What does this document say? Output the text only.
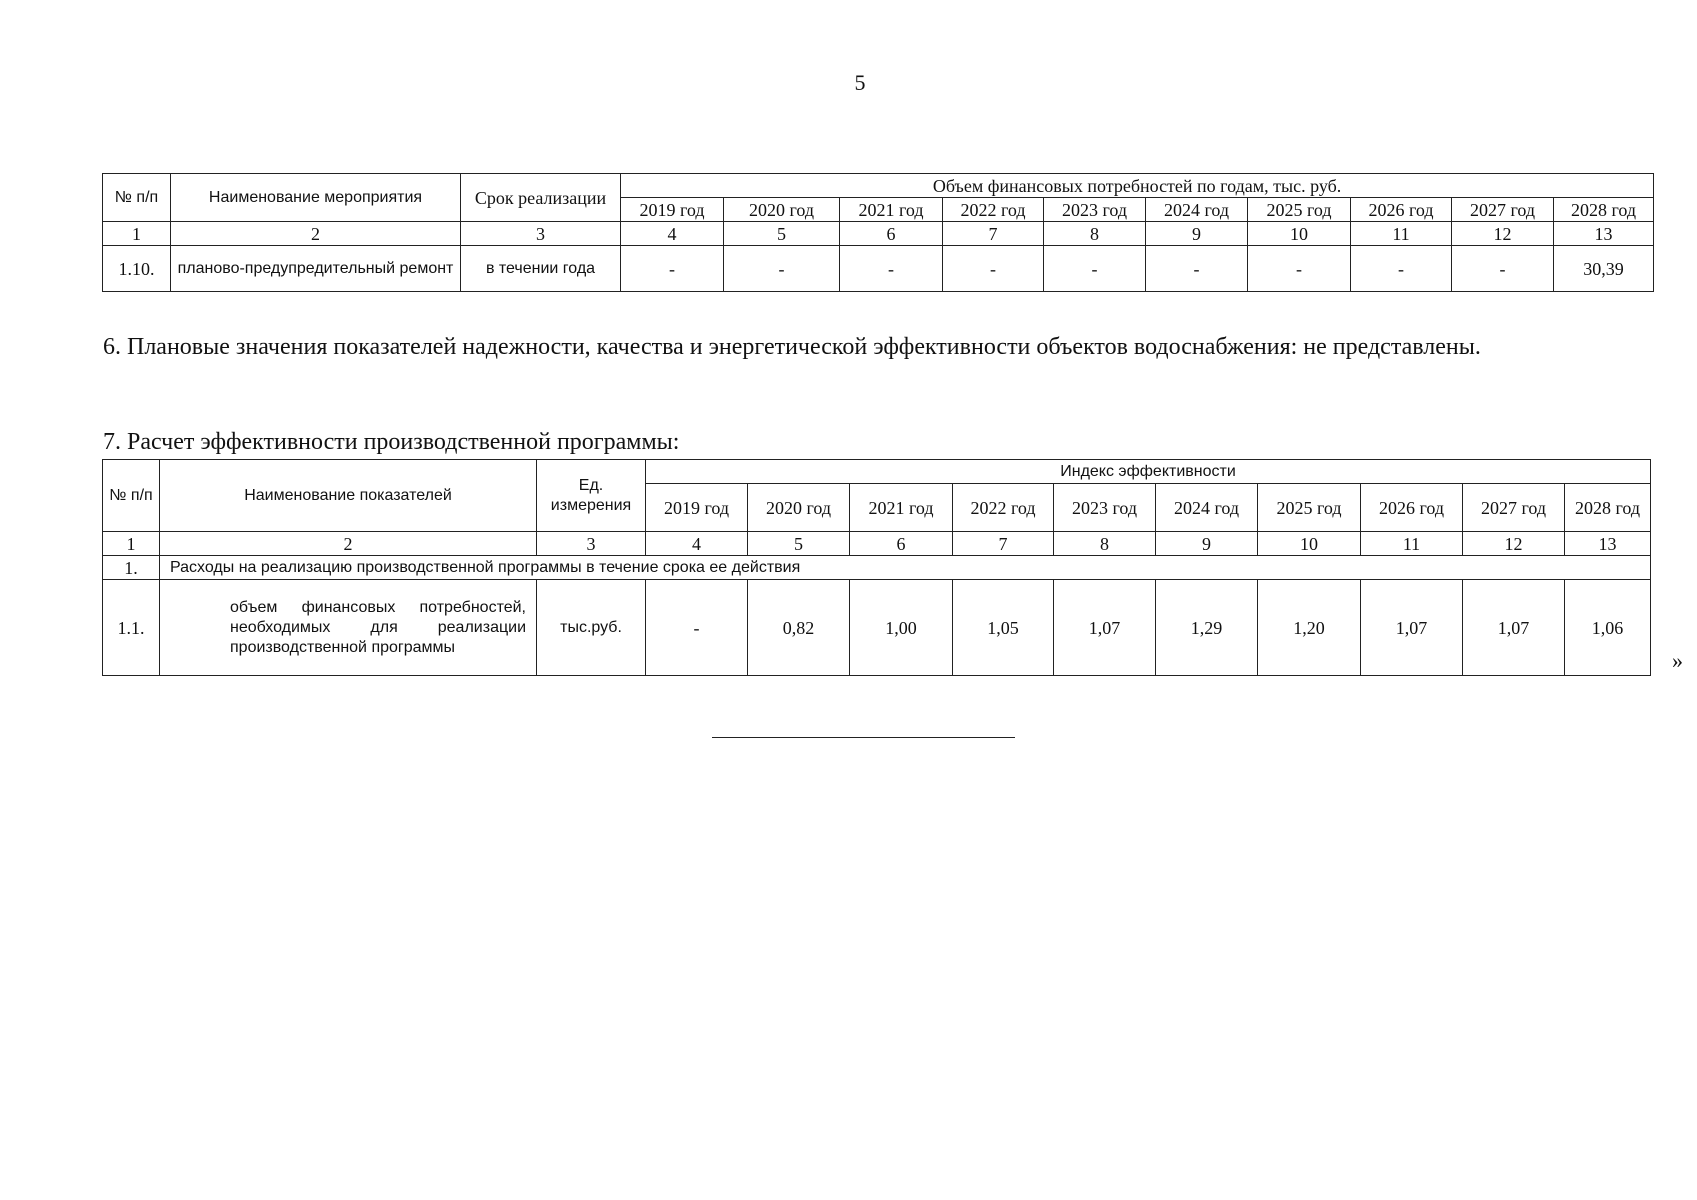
5
№ п/п	Наименование мероприятия	Срок реализации	Объем финансовых потребностей по годам, тыс. руб.									
			2019 год	2020 год	2021 год	2022 год	2023 год	2024 год	2025 год	2026 год	2027 год	2028 год
1	2	3	4	5	6	7	8	9	10	11	12	13
1.10.	планово-предупредительный ремонт	в течении года	-	-	-	-	-	-	-	-	-	30,39
6. Плановые значения показателей надежности, качества и энергетической эффективности объектов водоснабжения: не представлены.
7. Расчет эффективности производственной программы:
№ п/п	Наименование показателей	Ед. измерения	Индекс эффективности									
			2019 год	2020 год	2021 год	2022 год	2023 год	2024 год	2025 год	2026 год	2027 год	2028 год
1	2	3	4	5	6	7	8	9	10	11	12	13
1.	Расходы на реализацию производственной программы в течение срока ее действия											
1.1.	объем финансовых потребностей, необходимых для реализации производственной программы	тыс.руб.	-	0,82	1,00	1,05	1,07	1,29	1,20	1,07	1,07	1,06
»
